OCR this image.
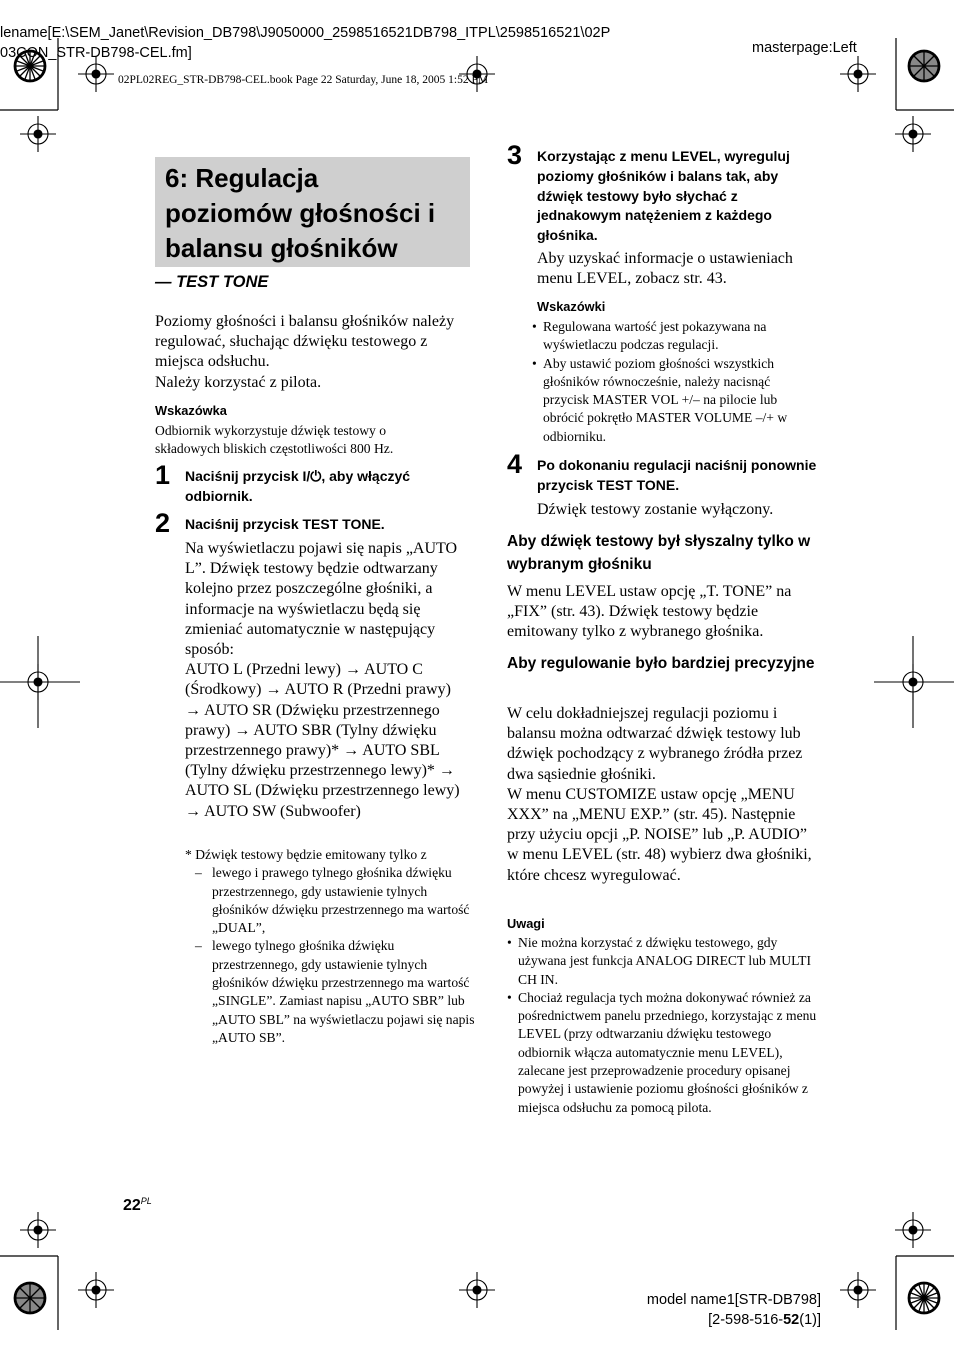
lename[E:\SEM_Janet\Revision_DB798\J9050000_2598516521DB798_ITPL\2598516521\02P
03CON_STR-DB798-CEL.fm]	masterpage:Left
02PL02REG_STR-DB798-CEL.book Page 22 Saturday, June 18, 2005 1:52 PM
6: Regulacja
poziomów głośności i
balansu głośników
— TEST TONE

Poziomy głośności i balansu głośników należy regulować, słuchając dźwięku testowego z miejsca odsłuchu.

Należy korzystać z pilota.

Wskazówka
Odbiornik wykorzystuje dźwięk testowy o składowych bliskich częstotliwości 800 Hz.
1 Naciśnij przycisk I/⏻, aby włączyć odbiornik.
2 Naciśnij przycisk TEST TONE.

Na wyświetlaczu pojawi się napis „AUTO L”. Dźwięk testowy będzie odtwarzany kolejno przez poszczególne głośniki, a informacje na wyświetlaczu będą się zmieniać automatycznie w następujący sposób:

AUTO L (Przedni lewy) → AUTO C (Środkowy) → AUTO R (Przedni prawy) → AUTO SR (Dźwięku przestrzennego prawy) → AUTO SBR (Tylny dźwięku przestrzennego prawy)* → AUTO SBL (Tylny dźwięku przestrzennego lewy)* → AUTO SL (Dźwięku przestrzennego lewy) → AUTO SW (Subwoofer)

* Dźwięk testowy będzie emitowany tylko z

– lewego i prawego tylnego głośnika dźwięku przestrzennego, gdy ustawienie tylnych głośników dźwięku przestrzennego ma wartość „DUAL”,
– lewego tylnego głośnika dźwięku przestrzennego, gdy ustawienie tylnych głośników dźwięku przestrzennego ma wartość „SINGLE”. Zamiast napisu „AUTO SBR” lub „AUTO SBL” na wyświetlaczu pojawi się napis „AUTO SB”.
3 Korzystając z menu LEVEL, wyreguluj poziomy głośników i balans tak, aby dźwięk testowy było słychać z jednakowym natężeniem z każdego głośnika.
Aby uzyskać informacje o ustawieniach menu LEVEL, zobacz str. 43.
Wskazówki
• Regulowana wartość jest pokazywana na wyświetlaczu podczas regulacji.
• Aby ustawić poziom głośności wszystkich głośników równocześnie, należy nacisnąć przycisk MASTER VOL +/– na pilocie lub obrócić pokrętło MASTER VOLUME –/+ w odbiorniku.
4 Po dokonaniu regulacji naciśnij ponownie przycisk TEST TONE.
Dźwięk testowy zostanie wyłączony.
Aby dźwięk testowy był słyszalny tylko w wybranym głośniku
W menu LEVEL ustaw opcję „T. TONE” na „FIX” (str. 43). Dźwięk testowy będzie emitowany tylko z wybranego głośnika.
Aby regulowanie było bardziej precyzyjne

W celu dokładniejszej regulacji poziomu i balansu można odtwarzać dźwięk testowy lub dźwięk pochodzący z wybranego źródła przez dwa sąsiednie głośniki.

W menu CUSTOMIZE ustaw opcję „MENU XXX” na „MENU EXP.” (str. 45). Następnie przy użyciu opcji „P. NOISE” lub „P. AUDIO” w menu LEVEL (str. 48) wybierz dwa głośniki, które chcesz wyregulować.

Uwagi
• Nie można korzystać z dźwięku testowego, gdy używana jest funkcja ANALOG DIRECT lub MULTI CH IN.
• Chociaż regulacja tych można dokonywać również za pośrednictwem panelu przedniego, korzystając z menu LEVEL (przy odtwarzaniu dźwięku testowego odbiornik włącza automatycznie menu LEVEL), zalecane jest przeprowadzenie procedury opisanej powyżej i ustawienie poziomu głośności głośników z miejsca odsłuchu za pomocą pilota.
$22^{PL}$
model name1[STR-DB798]
[2-598-516-52(1)]
